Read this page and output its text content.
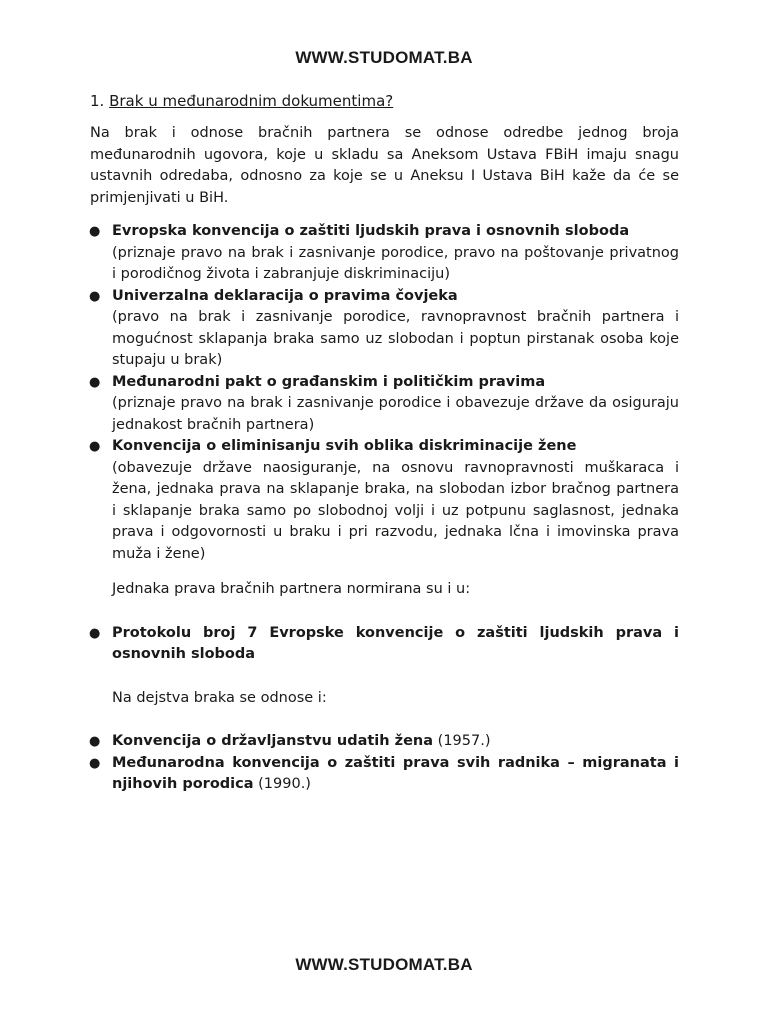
WWW.STUDOMAT.BA
1. Brak u međunarodnim dokumentima?

Na brak i odnose bračnih partnera se odnose odredbe jednog broja međunarodnih ugovora, koje u skladu sa Aneksom Ustava FBiH imaju snagu ustavnih odredaba, odnosno za koje se u Aneksu I Ustava BiH kaže da će se primjenjivati u BiH.

● Evropska konvencija o zaštiti ljudskih prava i osnovnih sloboda
(priznaje pravo na brak i zasnivanje porodice, pravo na poštovanje privatnog i porodičnog života i zabranjuje diskriminaciju)
● Univerzalna deklaracija o pravima čovjeka
(pravo na brak i zasnivanje porodice, ravnopravnost bračnih partnera i mogućnost sklapanja braka samo uz slobodan i poptun pirstanak osoba koje stupaju u brak)
● Međunarodni pakt o građanskim i političkim pravima
(priznaje pravo na brak i zasnivanje porodice i obavezuje države da osiguraju jednakost bračnih partnera)
● Konvencija o eliminisanju svih oblika diskriminacije žene
(obavezuje države naosiguranje, na osnovu ravnopravnosti muškaraca i žena, jednaka prava na sklapanje braka, na slobodan izbor bračnog partnera i sklapanje braka samo po slobodnoj volji i uz potpunu saglasnost, jednaka prava i odgovornosti u braku i pri razvodu, jednaka lčna i imovinska prava muža i žene)
Jednaka prava bračnih partnera normirana su i u:
● Protokolu broj 7 Evropske konvencije o zaštiti ljudskih prava i osnovnih sloboda
Na dejstva braka se odnose i:
● Konvencija o državljanstvu udatih žena (1957.)
● Međunarodna konvencija o zaštiti prava svih radnika – migranata i njihovih porodica (1990.)
WWW.STUDOMAT.BA
